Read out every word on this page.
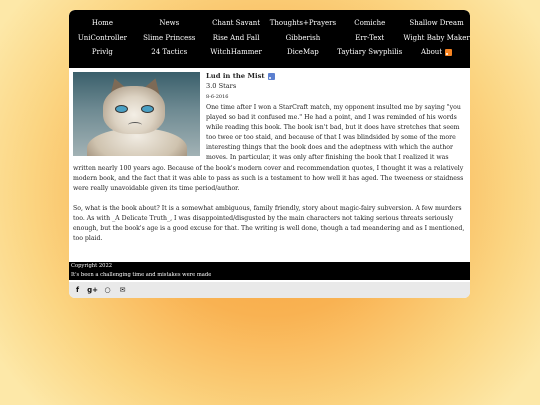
Home	News	Chant Savant	Thoughts+Prayers	Comiche	Shallow Dream
UniController	Slime Princess	Rise And Fall	Gibberish	Err-Text	Wight Baby Maker
Privlg	24 Tactics	WitchHammer	DiceMap	Taytiary Swyphilis	About
Lud in the Mist
3.0 Stars
8-6-2016

One time after I won a StarCraft match, my opponent insulted me by saying "you played so bad it confused me." He had a point, and I was reminded of his words while reading this book. The book isn't bad, but it does have stretches that seem too twee or too staid, and because of that I was blindsided by some of the more interesting things that the book does and the adeptness with which the author moves. In particular, it was only after finishing the book that I realized it was written nearly 100 years ago. Because of the book's modern cover and recommendation quotes, I thought it was a relatively modern book, and the fact that it was able to pass as such is a testament to how well it has aged. The tweeness or staidness were really unavoidable given its time period/author.

So, what is the book about? It is a somewhat ambiguous, family friendly, story about magic-fairy subversion. A few murders too. As with _A Delicate Truth_, I was disappointed/disgusted by the main characters not taking serious threats seriously enough, but the book's age is a good excuse for that. The writing is well done, though a tad meandering and as I mentioned, too plaid.

Copyright 2022
It's been a challenging time and mistakes were made
f	g+ ○ ✉
